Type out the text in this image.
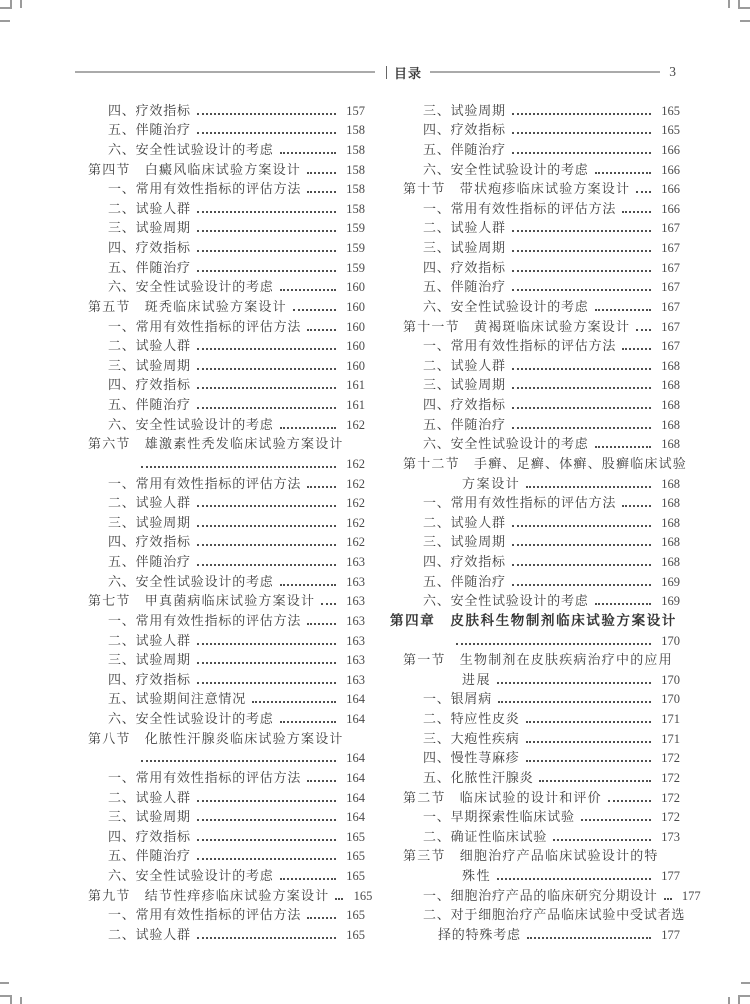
目录	3
四、疗效指标	157
五、伴随治疗	158
六、安全性试验设计的考虑	158
第四节　白癜风临床试验方案设计	158
一、常用有效性指标的评估方法	158
二、试验人群	158
三、试验周期	159
四、疗效指标	159
五、伴随治疗	159
六、安全性试验设计的考虑	160
第五节　斑秃临床试验方案设计	160
一、常用有效性指标的评估方法	160
二、试验人群	160
三、试验周期	160
四、疗效指标	161
五、伴随治疗	161
六、安全性试验设计的考虑	162
第六节　雄激素性秃发临床试验方案设计
162
一、常用有效性指标的评估方法	162
二、试验人群	162
三、试验周期	162
四、疗效指标	162
五、伴随治疗	163
六、安全性试验设计的考虑	163
第七节　甲真菌病临床试验方案设计	163
一、常用有效性指标的评估方法	163
二、试验人群	163
三、试验周期	163
四、疗效指标	163
五、试验期间注意情况	164
六、安全性试验设计的考虑	164
第八节　化脓性汗腺炎临床试验方案设计
164
一、常用有效性指标的评估方法	164
二、试验人群	164
三、试验周期	164
四、疗效指标	165
五、伴随治疗	165
六、安全性试验设计的考虑	165
第九节　结节性痒疹临床试验方案设计	165
一、常用有效性指标的评估方法	165
二、试验人群	165
三、试验周期	165
四、疗效指标	165
五、伴随治疗	166
六、安全性试验设计的考虑	166
第十节　带状疱疹临床试验方案设计	166
一、常用有效性指标的评估方法	166
二、试验人群	167
三、试验周期	167
四、疗效指标	167
五、伴随治疗	167
六、安全性试验设计的考虑	167
第十一节　黄褐斑临床试验方案设计	167
一、常用有效性指标的评估方法	167
二、试验人群	168
三、试验周期	168
四、疗效指标	168
五、伴随治疗	168
六、安全性试验设计的考虑	168
第十二节　手癣、足癣、体癣、股癣临床试验
方案设计	168
一、常用有效性指标的评估方法	168
二、试验人群	168
三、试验周期	168
四、疗效指标	168
五、伴随治疗	169
六、安全性试验设计的考虑	169
第四章　皮肤科生物制剂临床试验方案设计
170
第一节　生物制剂在皮肤疾病治疗中的应用
进展	170
一、银屑病	170
二、特应性皮炎	171
三、大疱性疾病	171
四、慢性荨麻疹	172
五、化脓性汗腺炎	172
第二节　临床试验的设计和评价	172
一、早期探索性临床试验	172
二、确证性临床试验	173
第三节　细胞治疗产品临床试验设计的特
殊性	177
一、细胞治疗产品的临床研究分期设计	177
二、对于细胞治疗产品临床试验中受试者选
择的特殊考虑	177
